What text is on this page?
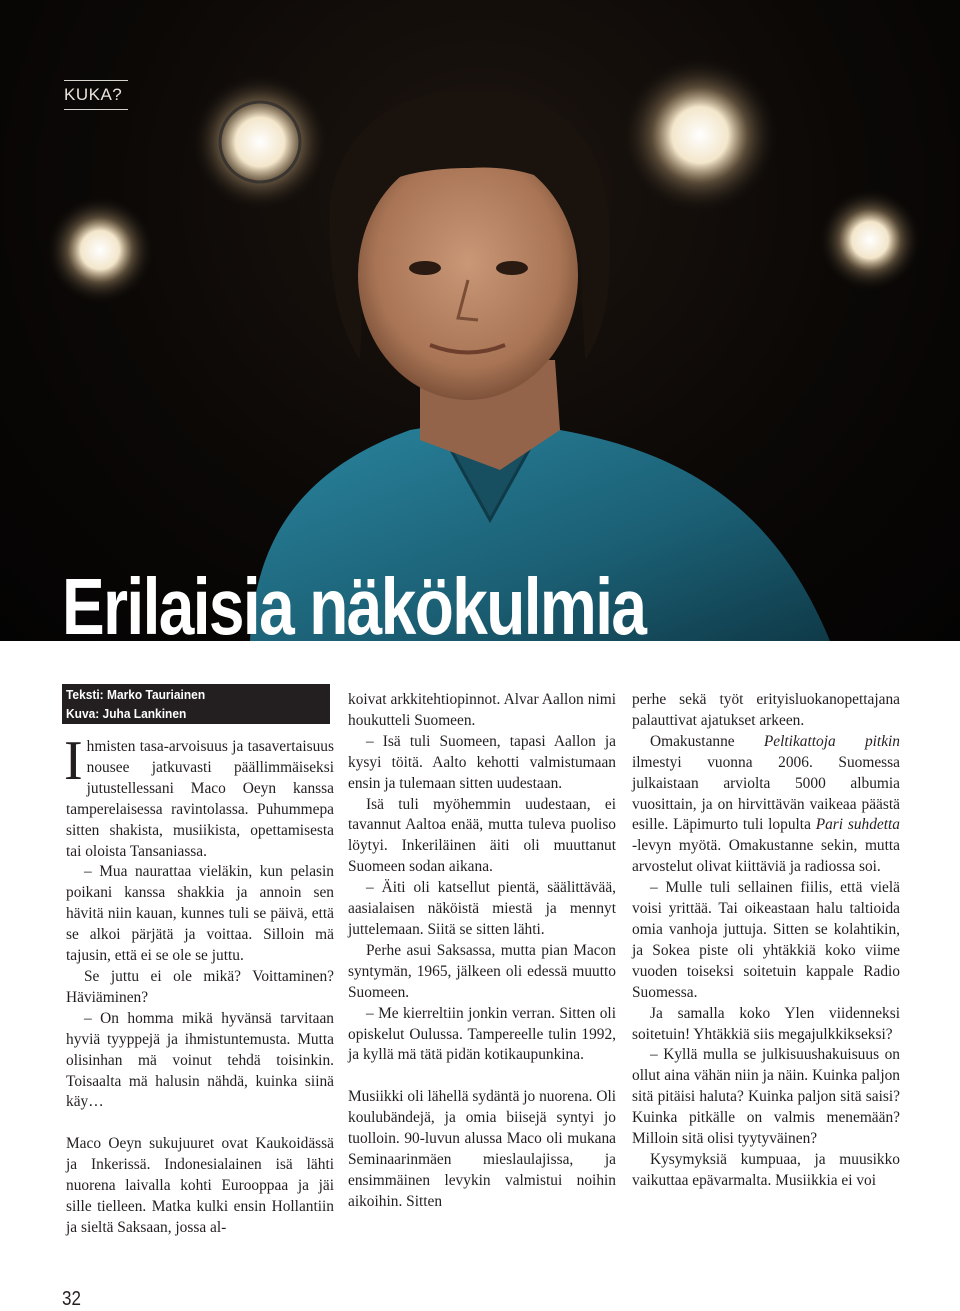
KUKA?
Erilaisia näkökulmia
Teksti: Marko Tauriainen
Kuva: Juha Lankinen

Ihmisten tasa-arvoisuus ja tasavertaisuus nousee jatkuvasti päällimmäiseksi jutustellessani Maco Oeyn kanssa tamperelaisessa ravintolassa. Puhummepa sitten shakista, musiikista, opettamisesta tai oloista Tansaniassa.

– Mua naurattaa vieläkin, kun pelasin poikani kanssa shakkia ja annoin sen hävitä niin kauan, kunnes tuli se päivä, että se alkoi pärjätä ja voittaa. Silloin mä tajusin, että ei se ole se juttu.

Se juttu ei ole mikä? Voittaminen? Häviäminen?

– On homma mikä hyvänsä tarvitaan hyviä tyyppejä ja ihmistuntemusta. Mutta olisinhan mä voinut tehdä toisinkin. Toisaalta mä halusin nähdä, kuinka siinä käy…

Maco Oeyn sukujuuret ovat Kaukoidässä ja Inkerissä. Indonesialainen isä lähti nuorena laivalla kohti Eurooppaa ja jäi sille tielleen. Matka kulki ensin Hollantiin ja sieltä Saksaan, jossa al-

koivat arkkitehtiopinnot. Alvar Aallon nimi houkutteli Suomeen.

– Isä tuli Suomeen, tapasi Aallon ja kysyi töitä. Aalto kehotti valmistumaan ensin ja tulemaan sitten uudestaan.

Isä tuli myöhemmin uudestaan, ei tavannut Aaltoa enää, mutta tuleva puoliso löytyi. Inkeriläinen äiti oli muuttanut Suomeen sodan aikana.

– Äiti oli katsellut pientä, säälittävää, aasialaisen näköistä miestä ja mennyt juttelemaan. Siitä se sitten lähti.

Perhe asui Saksassa, mutta pian Macon syntymän, 1965, jälkeen oli edessä muutto Suomeen.

– Me kierreltiin jonkin verran. Sitten oli opiskelut Oulussa. Tampereelle tulin 1992, ja kyllä mä tätä pidän kotikaupunkina.

Musiikki oli lähellä sydäntä jo nuorena. Oli koulubändejä, ja omia biisejä syntyi jo tuolloin. 90-luvun alussa Maco oli mukana Seminaarinmäen mieslaulajissa, ja ensimmäinen levykin valmistui noihin aikoihin. Sitten

perhe sekä työt erityisluokanopettajana palauttivat ajatukset arkeen.

Omakustanne Peltikattoja pitkin ilmestyi vuonna 2006. Suomessa julkaistaan arviolta 5000 albumia vuosittain, ja on hirvittävän vaikeaa päästä esille. Läpimurto tuli lopulta Pari suhdetta -levyn myötä. Omakustanne sekin, mutta arvostelut olivat kiittäviä ja radiossa soi.

– Mulle tuli sellainen fiilis, että vielä voisi yrittää. Tai oikeastaan halu taltioida omia vanhoja juttuja. Sitten se kolahtikin, ja Sokea piste oli yhtäkkiä koko viime vuoden toiseksi soitetuin kappale Radio Suomessa.

Ja samalla koko Ylen viidenneksi soitetuin! Yhtäkkiä siis megajulkkikseksi?

– Kyllä mulla se julkisuushakuisuus on ollut aina vähän niin ja näin. Kuinka paljon sitä pitäisi haluta? Kuinka paljon sitä saisi? Kuinka pitkälle on valmis menemään? Milloin sitä olisi tyytyväinen?

Kysymyksiä kumpuaa, ja muusikko vaikuttaa epävarmalta. Musiikkia ei voi

32
